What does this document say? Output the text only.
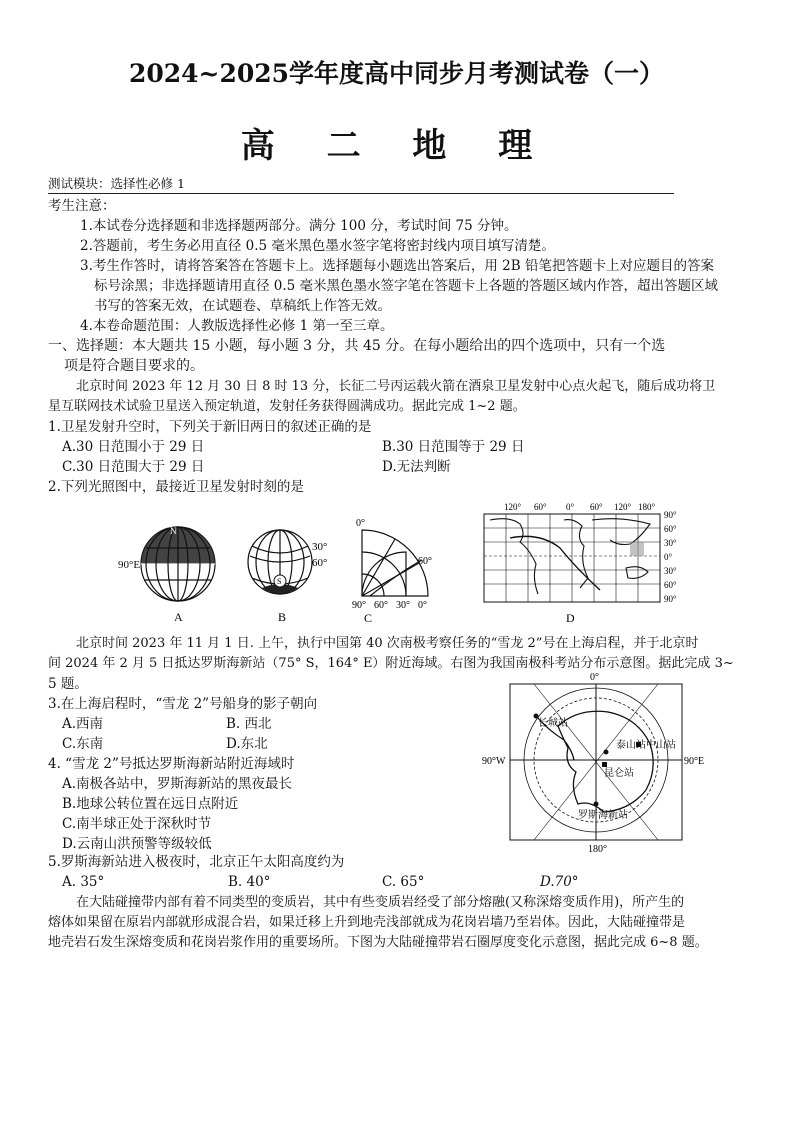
2024~2025学年度高中同步月考测试卷（一）
高 二 地 理
测试模块：选择性必修 1
考生注意：
1.本试卷分选择题和非选择题两部分。满分 100 分，考试时间 75 分钟。
2.答题前，考生务必用直径 0.5 毫米黑色墨水签字笔将密封线内项目填写清楚。
3.考生作答时，请将答案答在答题卡上。选择题每小题选出答案后，用 2B 铅笔把答题卡上对应题目的答案
标号涂黑；非选择题请用直径 0.5 毫米黑色墨水签字笔在答题卡上各题的答题区域内作答，超出答题区域
书写的答案无效，在试题卷、草稿纸上作答无效。
4.本卷命题范围：人教版选择性必修 1 第一至三章。
一、选择题：本大题共 15 小题，每小题 3 分，共 45 分。在每小题给出的四个选项中，只有一个选
项是符合题目要求的。
北京时间 2023 年 12 月 30 日 8 时 13 分，长征二号丙运载火箭在酒泉卫星发射中心点火起飞，随后成功将卫
星互联网技术试验卫星送入预定轨道，发射任务获得圆满成功。据此完成 1~2 题。
1.卫星发射升空时，下列关于新旧两日的叙述正确的是
A.30 日范围小于 29 日	B.30 日范围等于 29 日
C.30 日范围大于 29 日	D.无法判断
2.下列光照图中，最接近卫星发射时刻的是
N
90°E
A
S
30°
60°
B
0°
60°
90° 60° 30° 0°
C
120° 60° 0° 60° 120° 180°
90°
60°
30°
0°
30°
60°
90°
D
北京时间 2023 年 11 月 1 日. 上午，执行中国第 40 次南极考察任务的“雪龙 2”号在上海启程，并于北京时
间 2024 年 2 月 5 日抵达罗斯海新站（75° S，164° E）附近海域。右图为我国南极科考站分布示意图。据此完成 3~
5 题。
3.在上海启程时，“雪龙 2”号船身的影子朝向
A.西南	B. 西北
C.东南	D.东北
4. “雪龙 2”号抵达罗斯海新站附近海域时
A.南极各站中，罗斯海新站的黑夜最长
B.地球公转位置在远日点附近
C.南半球正处于深秋时节
D.云南山洪预警等级较低
0°
180°
90°W	90°E
长城站
泰山站 中山站
昆仑站
罗斯海新站
5.罗斯海新站进入极夜时，北京正午太阳高度约为
A. 35°	B. 40°	C. 65°	D.70°
在大陆碰撞带内部有着不同类型的变质岩，其中有些变质岩经受了部分熔融(又称深熔变质作用)，所产生的
熔体如果留在原岩内部就形成混合岩，如果迁移上升到地壳浅部就成为花岗岩墙乃至岩体。因此，大陆碰撞带是
地壳岩石发生深熔变质和花岗岩浆作用的重要场所。下图为大陆碰撞带岩石圈厚度变化示意图，据此完成 6~8 题。
